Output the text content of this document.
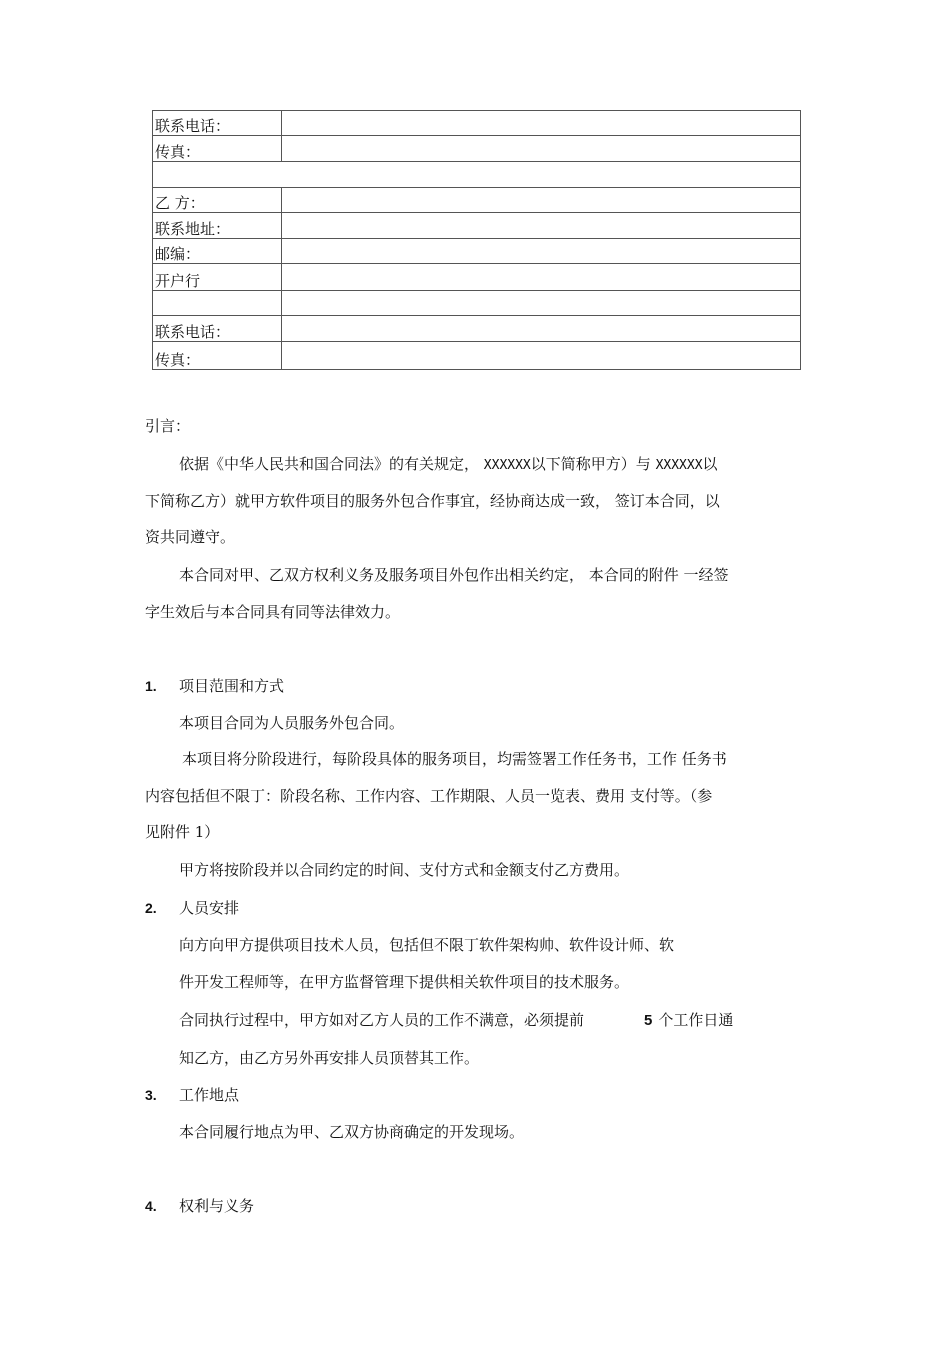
联系电话：	
传真：	

乙 方：	
联系地址：	
邮编：	
开户行	

联系电话：	
传真：	
引言：
依据《中华人民共和国合同法》的有关规定， XXXXXX以下简称甲方）与 XXXXXX以
下简称乙方）就甲方软件项目的服务外包合作事宜，经协商达成一致， 签订本合同，以
资共同遵守。
本合同对甲、乙双方权利义务及服务项目外包作出相关约定， 本合同的附件 一经签
字生效后与本合同具有同等法律效力。
1. 项目范围和方式
本项目合同为人员服务外包合同。
本项目将分阶段进行，每阶段具体的服务项目，均需签署工作任务书，工作 任务书
内容包括但不限丁：阶段名称、工作内容、工作期限、人员一览表、费用 支付等。（参
见附件 1）
甲方将按阶段并以合同约定的时间、支付方式和金额支付乙方费用。
2. 人员安排
向方向甲方提供项目技术人员，包括但不限丁软件架构帅、软件设计师、软
件开发工程师等，在甲方监督管理下提供相关软件项目的技术服务。
合同执行过程中，甲方如对乙方人员的工作不满意，必须提前	5 个工作日通
知乙方，由乙方另外再安排人员顶替其工作。
3. 工作地点
本合同履行地点为甲、乙双方协商确定的开发现场。
4. 权利与义务
